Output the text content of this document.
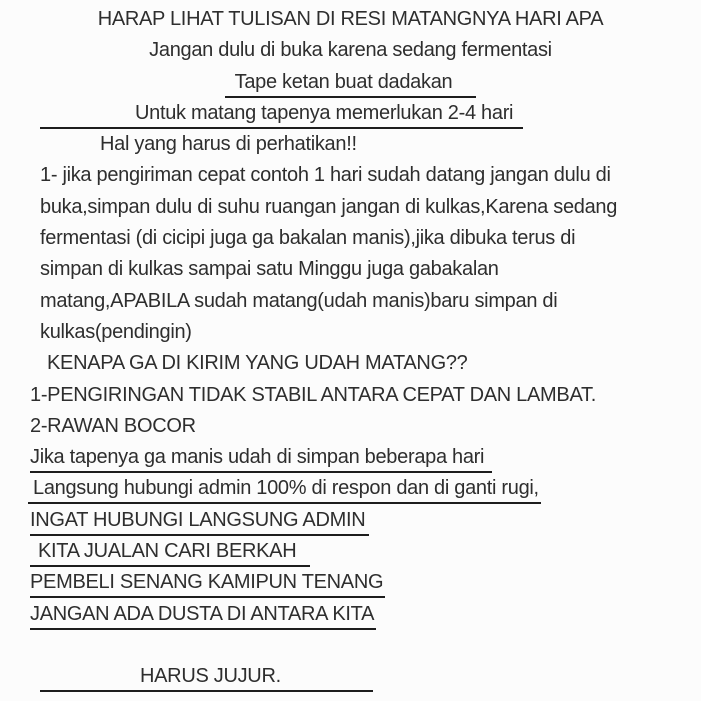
HARAP LIHAT TULISAN DI RESI MATANGNYA HARI APA
Jangan dulu di buka karena sedang fermentasi
Tape ketan buat dadakan
Untuk matang tapenya memerlukan 2-4 hari
Hal yang harus di perhatikan!!
1- jika pengiriman cepat contoh 1 hari sudah datang jangan dulu di
buka,simpan dulu di suhu ruangan jangan di kulkas,Karena sedang
fermentasi (di cicipi juga ga bakalan manis),jika dibuka terus di
simpan di kulkas sampai satu Minggu juga gabakalan
matang,APABILA sudah matang(udah manis)baru simpan di
kulkas(pendingin)
KENAPA GA DI KIRIM YANG UDAH MATANG??
1-PENGIRINGAN TIDAK STABIL ANTARA CEPAT DAN LAMBAT.
2-RAWAN BOCOR
Jika tapenya ga manis udah di simpan beberapa hari
Langsung hubungi admin 100% di respon dan di ganti rugi,
INGAT HUBUNGI LANGSUNG ADMIN
KITA JUALAN CARI BERKAH
PEMBELI SENANG KAMIPUN TENANG
JANGAN ADA DUSTA DI ANTARA KITA
HARUS JUJUR.
